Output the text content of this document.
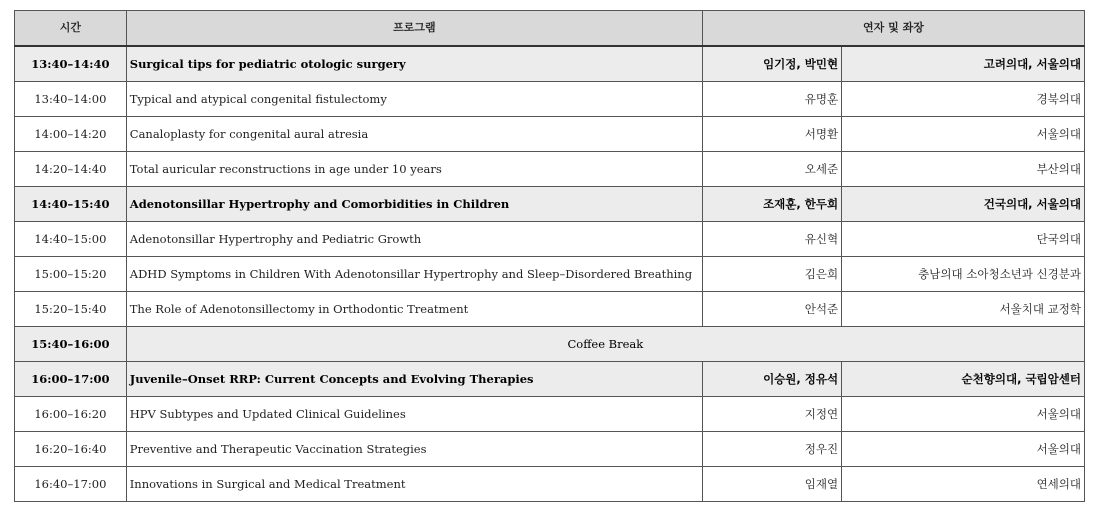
시간	프로그램	연자 및 좌장	
13:40–14:40	Surgical tips for pediatric otologic surgery	임기정, 박민현	고려의대, 서울의대
13:40–14:00	Typical and atypical congenital fistulectomy	유명훈	경북의대
14:00–14:20	Canaloplasty for congenital aural atresia	서명환	서울의대
14:20–14:40	Total auricular reconstructions in age under 10 years	오세준	부산의대
14:40–15:40	Adenotonsillar Hypertrophy and Comorbidities in Children	조재훈, 한두희	건국의대, 서울의대
14:40–15:00	Adenotonsillar Hypertrophy and Pediatric Growth	유신혁	단국의대
15:00–15:20	ADHD Symptoms in Children With Adenotonsillar Hypertrophy and Sleep–Disordered Breathing	김은희	충남의대 소아청소년과 신경분과
15:20–15:40	The Role of Adenotonsillectomy in Orthodontic Treatment	안석준	서울치대 교정학
15:40–16:00	Coffee Break		
16:00–17:00	Juvenile–Onset RRP: Current Concepts and Evolving Therapies	이승원, 정유석	순천향의대, 국립암센터
16:00–16:20	HPV Subtypes and Updated Clinical Guidelines	지정연	서울의대
16:20–16:40	Preventive and Therapeutic Vaccination Strategies	정우진	서울의대
16:40–17:00	Innovations in Surgical and Medical Treatment	임재열	연세의대
